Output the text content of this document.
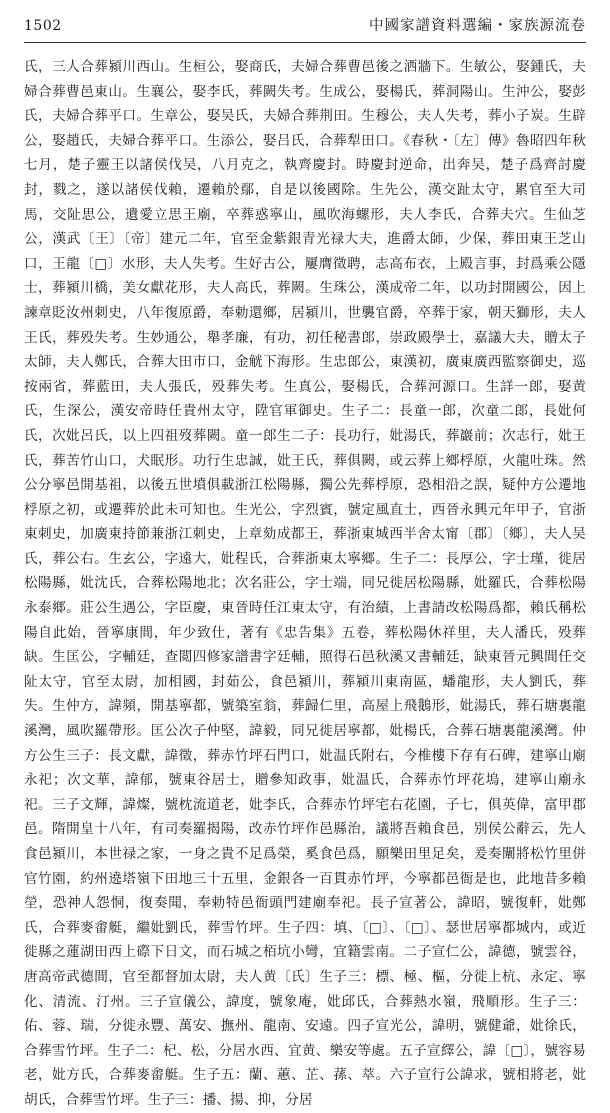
1502	中國家譜資料選編・家族源流卷

氏，三人合葬潁川西山。生桓公，娶商氏，夫婦合葬曹邑後之洒牆下。生敏公，娶鍾氏，夫婦合葬曹邑東山。生襄公，娶李氏，葬闕失考。生成公，娶楊氏，葬洞陽山。生沖公，娶彭氏，夫婦合葬平口。生章公，娶吴氏，夫婦合葬荆田。生穆公，夫人失考，葬小子炭。生辟公，娶趙氏，夫婦合葬平口。生添公，娶吕氏，合葬犁田口。《春秋・〔左〕傳》魯昭四年秋七月，楚子靈王以諸侯伐吴，八月克之，執齊慶封。時慶封逆命，出奔吴，楚子爲齊討慶封，戮之，遂以諸侯伐賴，遷賴於鄢，自是以後國除。生先公，漢交趾太守，累官至大司馬，交阯思公，遺愛立思王廟，卒葬惑寧山，風吹海螺形，夫人李氏，合葬夫穴。生仙芝公，漢武〔王〕〔帝〕建元二年，官至金紫銀青光禄大夫，進爵太師，少保，葬田東王芝山口，王龍〔□〕水形，夫人失考。生好古公，屢膺徵聘，志高布衣，上殿言事，封爲乘公隱士，葬潁川橋，美女獻花形，夫人高氏，葬闕。生珠公，漢成帝二年，以功封開國公，因上諫章貶汝州刺史，八年復原爵，奉勅還鄉，居潁川，世襲官爵，卒葬于家，朝天獅形，夫人王氏，葬殁失考。生妙通公，舉孝廉，有功，初任秘書郎，崇政殿學士，嘉議大夫，贈太子太師，夫人鄭氏，合葬大田市口，金觥下海形。生忠郎公，東漢初，廣東廣西監察御史，巡按兩省，葬藍田，夫人張氏，殁葬失考。生真公，娶楊氏，合葬河源口。生詳一郎，娶黄氏，生深公，漢安帝時任貴州太守，陞官軍御史。生子二：長童一郎，次童二郎，長妣何氏，次妣呂氏，以上四祖歿葬闕。童一郎生二子：長功行，妣湯氏，葬巖前；次志行，妣王氏，葬苦竹山口，犬眠形。功行生忠誠，妣王氏，葬俱闕，或云葬上鄉桴原，火龍吐珠。然公分寧邑開基祖，以後五世墳俱載浙江松陽縣，獨公先葬桴原，恐相沿之誤，疑仲方公遷地桴原之初，或遷葬於此未可知也。生光公，字烈賓，號定風直士，西晉永興元年甲子，官浙東刺史，加廣東持節兼浙江刺史，上章劾成都王，葬浙東城西半舍太甯〔郡〕〔鄉〕，夫人吴氏，葬公右。生玄公，字遠大，妣程氏，合葬浙東太寧鄉。生子二：長厚公，字士瑾，徙居松陽縣，妣沈氏，合葬松陽地北；次名莊公，字士端，同兄徙居松陽縣，妣羅氏，合葬松陽永泰鄉。莊公生遇公，字臣慶，東晉時任江東太守，有治績，上書請改松陽爲都，賴氏稱松陽自此始，晉寧康間，年少致仕，著有《忠告集》五卷，葬松陽休祥里，夫人潘氏，殁葬缺。生匡公，字輔廷，查閲四修家譜書字廷輔，照得石邑秋溪又書輔廷，缺東晉元興間任交阯太守，官至太尉，加相國，封茹公，食邑潁川，葬潁川東南區，蟠龍形，夫人劉氏，葬失。生仲方，諱頻，開基寧都，號築室翁，葬歸仁里，高屋上飛鵝形，妣湯氏，葬石塘裏龍溪灣，風吹羅帶形。匡公次子仲堅，諱毅，同兄徙居寧都，妣楊氏，合葬石塘裏龍溪灣。仲方公生三子：長文獻，諱徵，葬赤竹坪石門口，妣温氏附右，今椎樓下存有石碑，建寧山廟永祀；次文華，諱郁，號東谷居士，贈參知政事，妣温氏，合葬赤竹坪花塢，建寧山廟永祀。三子文輝，諱燦，號枕流道老，妣李氏，合葬赤竹坪宅右花園，子七，俱英偉，富甲郡邑。隋開皇十八年，有司奏羅揭陽，改赤竹坪作邑縣治，議將吾賴食邑，别侯公辭云，先人食邑潁川，本世禄之家，一身之貴不足爲榮，奚食邑爲，願樂田里足矣，爰奏闡將松竹里併官竹園，約州遶塔嶺下田地三十五里，金銀各一百貫赤竹坪，今寧都邑衙是也，此地昔多賴塋，恐神人怨恫，復奏聞，奉勅特邑衙頭門建廟奉祀。長子宣著公，諱昭，號復軒，妣鄭氏，合葬麥畬艇，繼妣劉氏，葬雪竹坪。生子四：填、〔□〕、〔□〕、瑟世居寧都城内，或近徙縣之蓮湖田西上磜下日文，而石城之栢坑小彎，宜籍雲南。二子宣仁公，諱德，號雲谷，唐高帝武德間，官至都督加太尉，夫人黄〔氏〕生子三：標、極、樞，分徙上杭、永定、寧化、清流、汀州。三子宣儀公，諱度，號象庵，妣邱氏，合葬熱水嶺，飛順形。生子三：佑、蓉、瑞，分徙永豐、萬安、撫州、龍南、安遠。四子宣光公，諱明，號健爺，妣徐氏，合葬雪竹坪。生子二：杞、松，分居水西、宜黄、樂安等處。五子宣繹公，諱〔□〕，號容易老，妣方氏，合葬麥畬艇。生子五：蘭、蕙、芷、蓀、萃。六子宣行公諱求，號相將老，妣胡氏，合葬雪竹坪。生子三：播、揚、抑，分居
